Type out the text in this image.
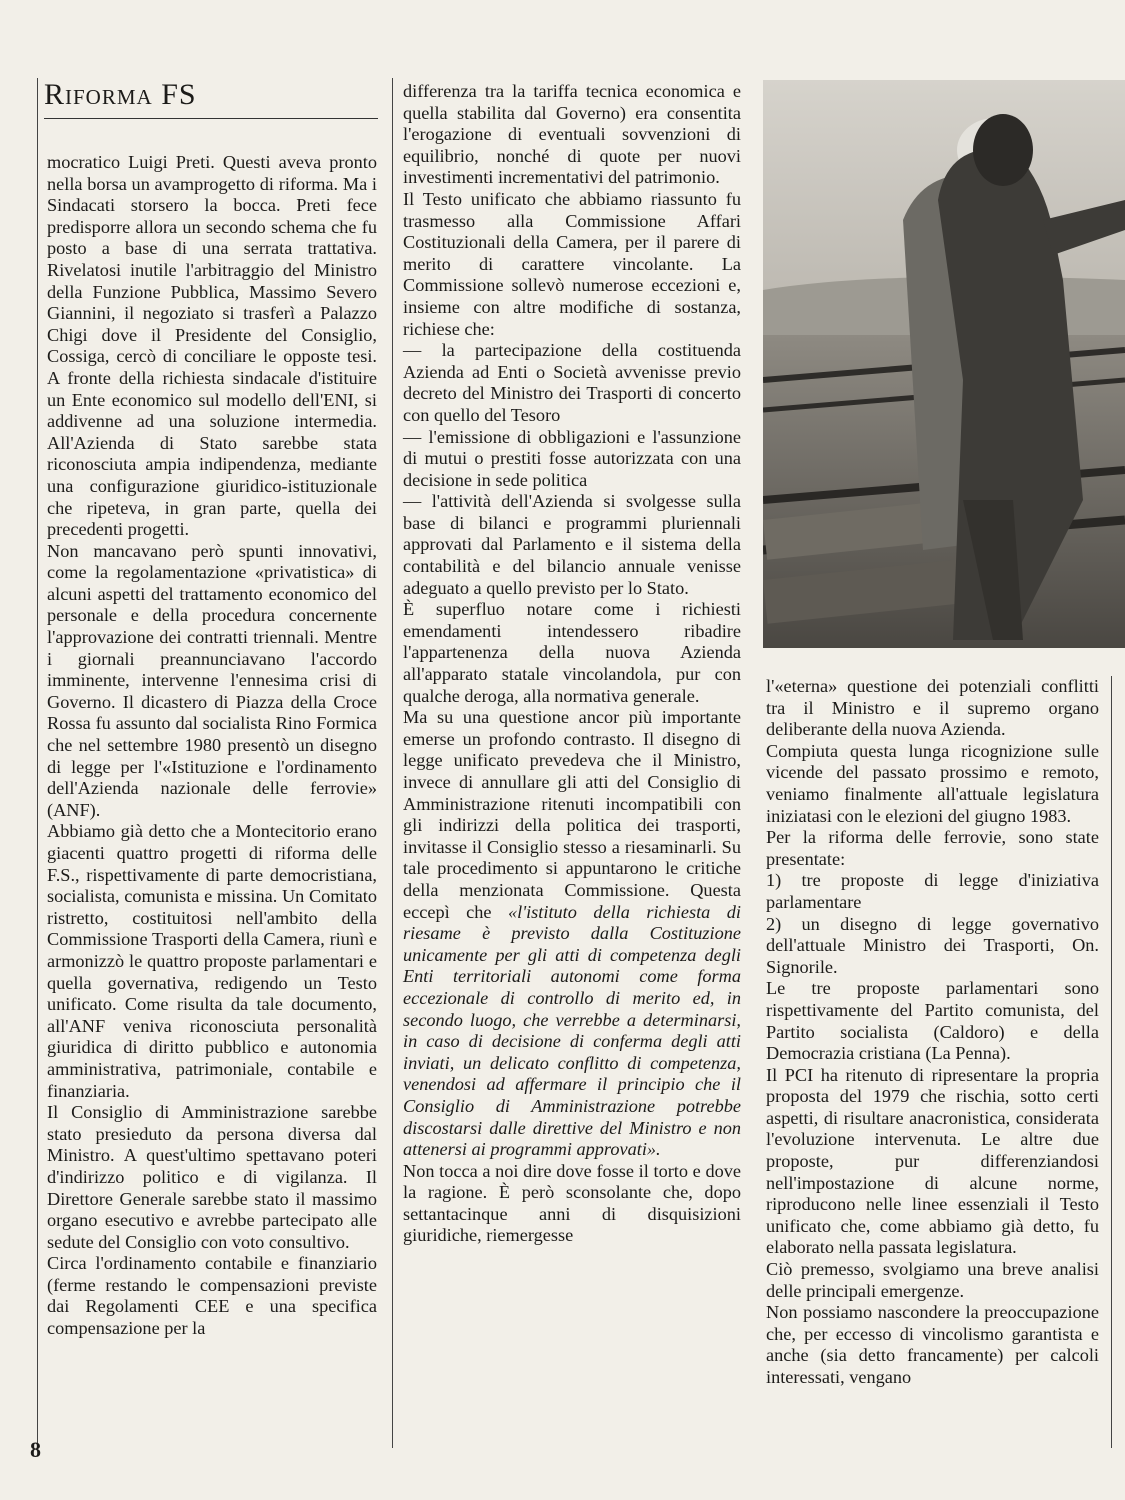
Riforma FS

mocratico Luigi Preti. Questi aveva pronto nella borsa un avamprogetto di riforma. Ma i Sindacati storsero la bocca. Preti fece predisporre allora un secondo schema che fu posto a base di una serrata trattativa. Rivelatosi inutile l'arbitraggio del Ministro della Funzione Pubblica, Massimo Severo Giannini, il negoziato si trasferì a Palazzo Chigi dove il Presidente del Consiglio, Cossiga, cercò di conciliare le opposte tesi. A fronte della richiesta sindacale d'istituire un Ente economico sul modello dell'ENI, si addivenne ad una soluzione intermedia. All'Azienda di Stato sarebbe stata riconosciuta ampia indipendenza, mediante una configurazione giuridico-istituzionale che ripeteva, in gran parte, quella dei precedenti progetti.

Non mancavano però spunti innovativi, come la regolamentazione «privatistica» di alcuni aspetti del trattamento economico del personale e della procedura concernente l'approvazione dei contratti triennali. Mentre i giornali preannunciavano l'accordo imminente, intervenne l'ennesima crisi di Governo. Il dicastero di Piazza della Croce Rossa fu assunto dal socialista Rino Formica che nel settembre 1980 presentò un disegno di legge per l'«Istituzione e l'ordinamento dell'Azienda nazionale delle ferrovie» (ANF).

Abbiamo già detto che a Montecitorio erano giacenti quattro progetti di riforma delle F.S., rispettivamente di parte democristiana, socialista, comunista e missina. Un Comitato ristretto, costituitosi nell'ambito della Commissione Trasporti della Camera, riunì e armonizzò le quattro proposte parlamentari e quella governativa, redigendo un Testo unificato. Come risulta da tale documento, all'ANF veniva riconosciuta personalità giuridica di diritto pubblico e autonomia amministrativa, patrimoniale, contabile e finanziaria.

Il Consiglio di Amministrazione sarebbe stato presieduto da persona diversa dal Ministro. A quest'ultimo spettavano poteri d'indirizzo politico e di vigilanza. Il Direttore Generale sarebbe stato il massimo organo esecutivo e avrebbe partecipato alle sedute del Consiglio con voto consultivo.

Circa l'ordinamento contabile e finanziario (ferme restando le compensazioni previste dai Regolamenti CEE e una specifica compensazione per la

differenza tra la tariffa tecnica economica e quella stabilita dal Governo) era consentita l'erogazione di eventuali sovvenzioni di equilibrio, nonché di quote per nuovi investimenti incrementativi del patrimonio.

Il Testo unificato che abbiamo riassunto fu trasmesso alla Commissione Affari Costituzionali della Camera, per il parere di merito di carattere vincolante. La Commissione sollevò numerose eccezioni e, insieme con altre modifiche di sostanza, richiese che:

— la partecipazione della costituenda Azienda ad Enti o Società avvenisse previo decreto del Ministro dei Trasporti di concerto con quello del Tesoro

— l'emissione di obbligazioni e l'assunzione di mutui o prestiti fosse autorizzata con una decisione in sede politica

— l'attività dell'Azienda si svolgesse sulla base di bilanci e programmi pluriennali approvati dal Parlamento e il sistema della contabilità e del bilancio annuale venisse adeguato a quello previsto per lo Stato.

È superfluo notare come i richiesti emendamenti intendessero ribadire l'appartenenza della nuova Azienda all'apparato statale vincolandola, pur con qualche deroga, alla normativa generale.

Ma su una questione ancor più importante emerse un profondo contrasto. Il disegno di legge unificato prevedeva che il Ministro, invece di annullare gli atti del Consiglio di Amministrazione ritenuti incompatibili con gli indirizzi della politica dei trasporti, invitasse il Consiglio stesso a riesaminarli. Su tale procedimento si appuntarono le critiche della menzionata Commissione. Questa eccepì che «l'istituto della richiesta di riesame è previsto dalla Costituzione unicamente per gli atti di competenza degli Enti territoriali autonomi come forma eccezionale di controllo di merito ed, in secondo luogo, che verrebbe a determinarsi, in caso di decisione di conferma degli atti inviati, un delicato conflitto di competenza, venendosi ad affermare il principio che il Consiglio di Amministrazione potrebbe discostarsi dalle direttive del Ministro e non attenersi ai programmi approvati».

Non tocca a noi dire dove fosse il torto e dove la ragione. È però sconsolante che, dopo settantacinque anni di disquisizioni giuridiche, riemergesse

l'«eterna» questione dei potenziali conflitti tra il Ministro e il supremo organo deliberante della nuova Azienda.

Compiuta questa lunga ricognizione sulle vicende del passato prossimo e remoto, veniamo finalmente all'attuale legislatura iniziatasi con le elezioni del giugno 1983.

Per la riforma delle ferrovie, sono state presentate:

1) tre proposte di legge d'iniziativa parlamentare

2) un disegno di legge governativo dell'attuale Ministro dei Trasporti, On. Signorile.

Le tre proposte parlamentari sono rispettivamente del Partito comunista, del Partito socialista (Caldoro) e della Democrazia cristiana (La Penna).

Il PCI ha ritenuto di ripresentare la propria proposta del 1979 che rischia, sotto certi aspetti, di risultare anacronistica, considerata l'evoluzione intervenuta. Le altre due proposte, pur differenziandosi nell'impostazione di alcune norme, riproducono nelle linee essenziali il Testo unificato che, come abbiamo già detto, fu elaborato nella passata legislatura.

Ciò premesso, svolgiamo una breve analisi delle principali emergenze.

Non possiamo nascondere la preoccupazione che, per eccesso di vincolismo garantista e anche (sia detto francamente) per calcoli interessati, vengano

8
